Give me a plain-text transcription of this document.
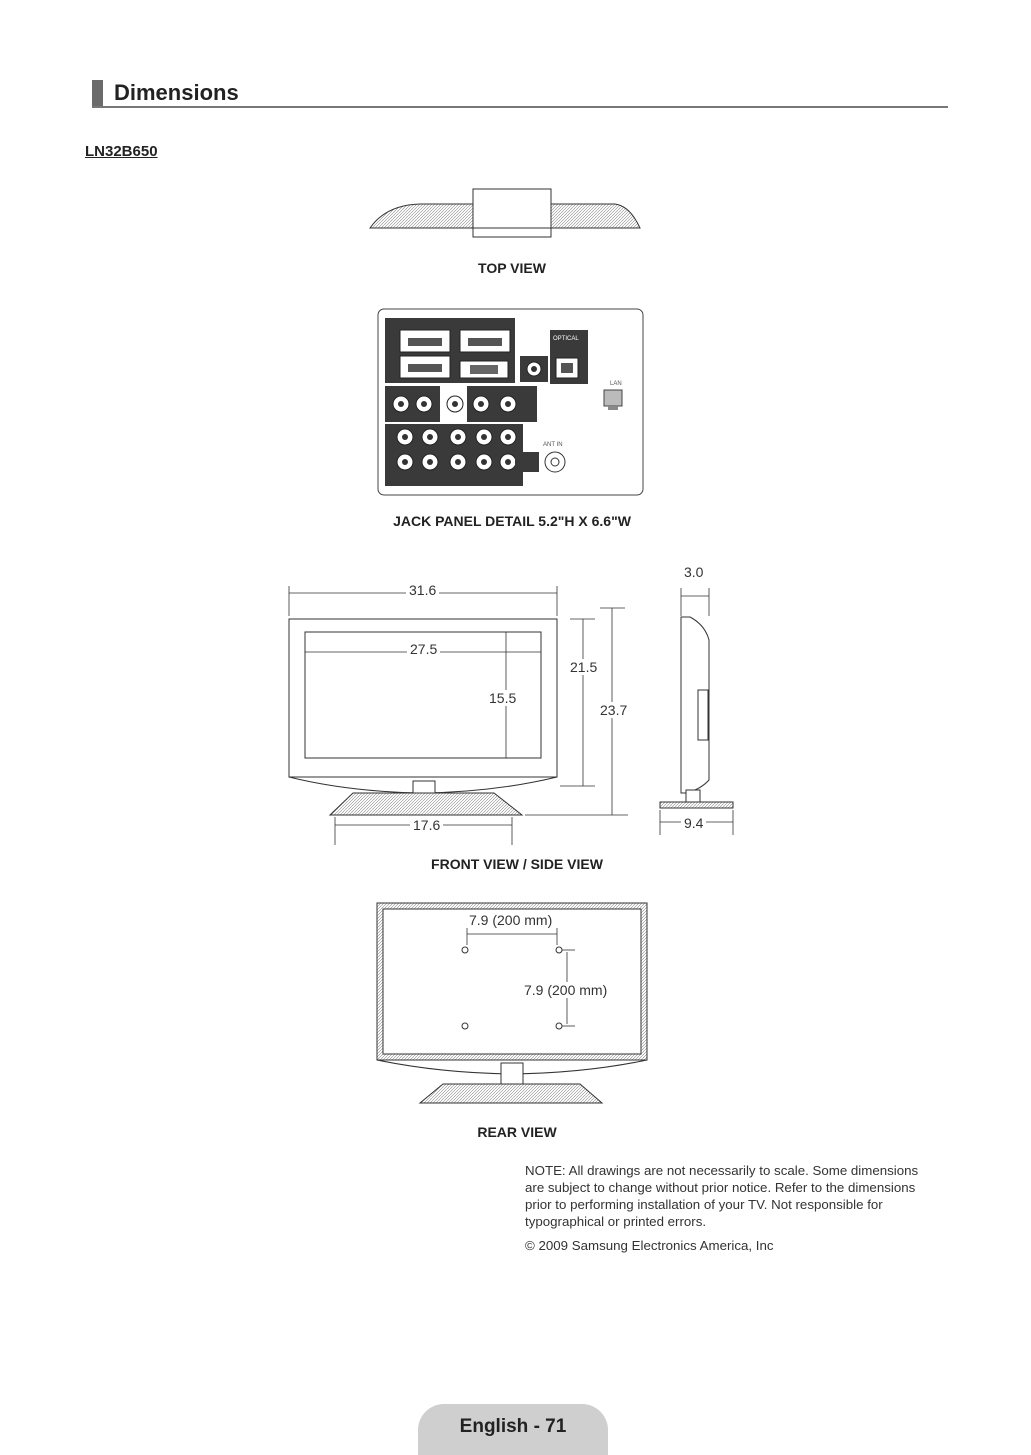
Dimensions
LN32B650
OPTICAL
LAN
ANT IN
TOP VIEW
JACK PANEL DETAIL 5.2"H X 6.6"W
FRONT VIEW / SIDE VIEW
REAR VIEW
31.6
27.5
15.5
21.5
23.7
17.6
3.0
9.4
7.9 (200 mm)
7.9 (200 mm)
NOTE: All drawings are not necessarily to scale. Some dimensions are subject to change without prior notice. Refer to the dimensions prior to performing installation of your TV. Not responsible for typographical or printed errors.
© 2009 Samsung Electronics America, Inc
English - 71
